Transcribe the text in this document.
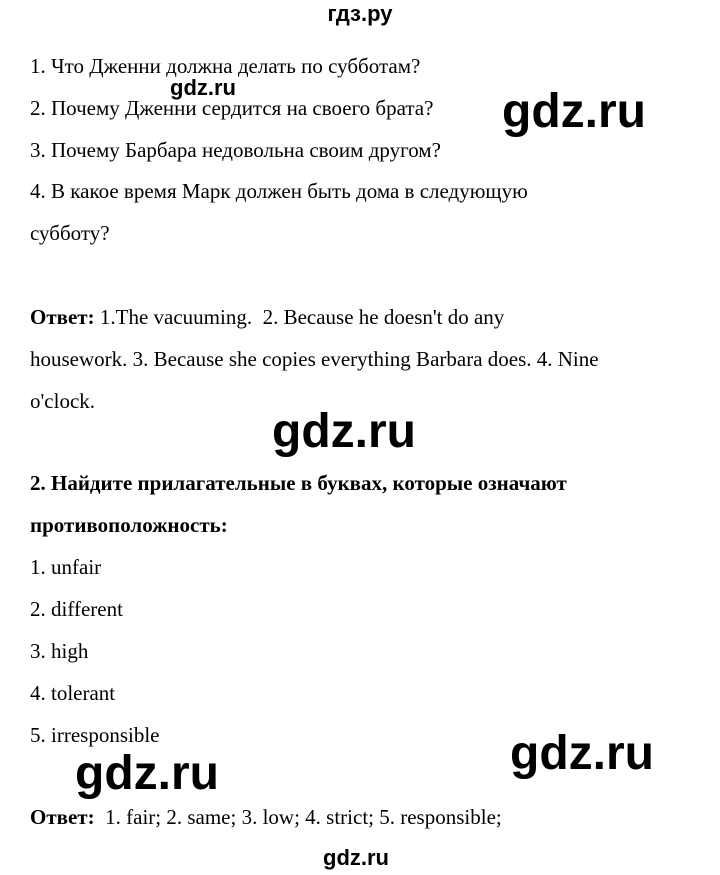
гдз.ру
1. Что Дженни должна делать по субботам?
2. Почему Дженни сердится на своего брата?
3. Почему Барбара недовольна своим другом?
4. В какое время Марк должен быть дома в следующую
субботу?
Ответ: 1.The vacuuming.  2. Because he doesn't do any
housework. 3. Because she copies everything Barbara does. 4. Nine
o'clock.
2. Найдите прилагательные в буквах, которые означают
противоположность:
1. unfair
2. different
3. high
4. tolerant
5. irresponsible
Ответ:  1. fair; 2. same; 3. low; 4. strict; 5. responsible;
gdz.ru	gdz.ru
gdz.ru
gdz.ru
gdz.ru
gdz.ru
